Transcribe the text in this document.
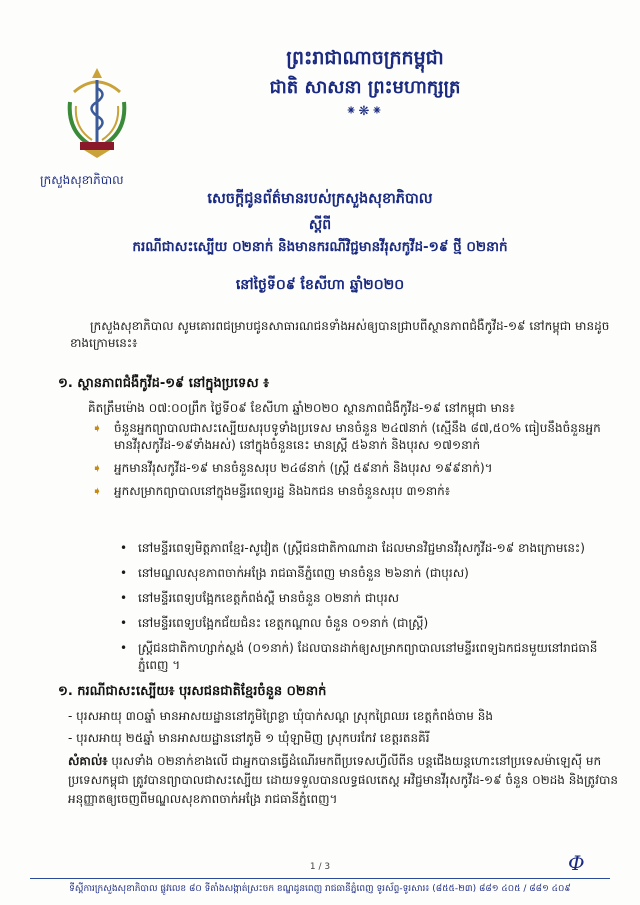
ក្រសួងសុខាភិបាល
ព្រះរាជាណាចក្រកម្ពុជា
ជាតិ សាសនា ព្រះមហាក្សត្រ
⁕❋⁕
សេចក្ដីជូនព័ត៌មានរបស់ក្រសួងសុខាភិបាល
ស្ដីពី
ករណីជាសះស្បើយ ០២នាក់ និងមានករណីវិជ្ជមានវីរុសកូវីដ-១៩ ថ្មី ០២នាក់
នៅថ្ងៃទី០៩ ខែសីហា ឆ្នាំ២០២០
ក្រសួងសុខាភិបាល សូមគោរពជម្រាបជូនសាធារណជនទាំងអស់ឲ្យបានជ្រាបពីស្ថានភាពជំងឺកូវីដ-១៩ នៅកម្ពុជា មានដូចខាងក្រោមនេះ៖
១. ស្ថានភាពជំងឺកូវីដ-១៩ នៅក្នុងប្រទេស ៖
គិតត្រឹមម៉ោង ០៧:០០ព្រឹក ថ្ងៃទី០៩ ខែសីហា ឆ្នាំ២០២០ ស្ថានភាពជំងឺកូវីដ-១៩ នៅកម្ពុជា មាន៖
➧ ចំនួនអ្នកព្យាបាលជាសះស្បើយសរុបទូទាំងប្រទេស មានចំនួន ២៤៧នាក់ (ស្មើនឹង ៨៧,៥០% ធៀបនឹងចំនួនអ្នកមានវីរុសកូវីដ-១៩ទាំងអស់) នៅក្នុងចំនួននេះ មានស្ត្រី ៥៦នាក់ និងបុរស ១៧១នាក់
➧ អ្នកមានវីរុសកូវីដ-១៩ មានចំនួនសរុប ២៤៨នាក់ (ស្ត្រី ៥៩នាក់ និងបុរស ១៩៩នាក់)។
➧ អ្នកសម្រាកព្យាបាលនៅក្នុងមន្ទីរពេទ្យរដ្ឋ និងឯកជន មានចំនួនសរុប ៣១នាក់៖
• នៅមន្ទីរពេទ្យមិត្តភាពខ្មែរ-សូវៀត (ស្ត្រីជនជាតិកាណាដា ដែលមានវិជ្ជមានវីរុសកូវីដ-១៩ ខាងក្រោមនេះ)
• នៅមណ្ឌលសុខភាពចាក់អង្រែ រាជធានីភ្នំពេញ មានចំនួន ២៦នាក់ (ជាបុរស)
• នៅមន្ទីរពេទ្យបង្អែកខេត្តកំពង់ស្ពឺ មានចំនួន ០២នាក់ ជាបុរស
• នៅមន្ទីរពេទ្យបង្អែកជ័យជំនះ ខេត្តកណ្ដាល ចំនួន ០១នាក់ (ជាស្ត្រី)
• ស្ត្រីជនជាតិកាហ្សាក់ស្ថង់ (០១នាក់) ដែលបានដាក់ឲ្យសម្រាកព្យាបាលនៅមន្ទីរពេទ្យឯកជនមួយនៅរាជធានីភ្នំពេញ ។
១. ករណីជាសះស្បើយ៖ បុរសជនជាតិខ្មែរចំនួន ០២នាក់
- បុរសអាយុ ៣០ឆ្នាំ មានអាសយដ្ឋាននៅភូមិព្រៃខ្លា ឃុំបាក់សណ្ដ ស្រុកព្រៃឈរ ខេត្តកំពង់ចាម និង
- បុរសអាយុ ២៥ឆ្នាំ មានអាសយដ្ឋាននៅភូមិ ១ ឃុំឡាមិញ ស្រុកបរកែវ ខេត្តរតនគិរី
សំគាល់៖ បុរសទាំង ០២នាក់ខាងលើ ជាអ្នកបានធ្វើដំណើរមកពីប្រទេសហ្វីលីពីន បន្តជើងយន្តហោះនៅប្រទេសម៉ាឡេស៊ី មកប្រទេសកម្ពុជា ត្រូវបានព្យាបាលជាសះស្បើយ ដោយទទួលបានលទ្ធផលតេស្ត អវិជ្ជមានវីរុសកូវីដ-១៩ ចំនួន ០២ដង និងត្រូវបានអនុញ្ញាតឲ្យចេញពីមណ្ឌលសុខភាពចាក់អង្រែ រាជធានីភ្នំពេញ។
1 / 3	Ф
ទីស្ដីការក្រសួងសុខាភិបាល ផ្លូវលេខ ៨០ ទីតាំងសង្កាត់ស្រះចក ខណ្ឌដូនពេញ រាជធានីភ្នំពេញ ទូរស័ព្ទ-ទូរសារ៖ (៨៥៥-២៣) ៨៨១ ៤០៥ / ៨៨១ ៤០៩
